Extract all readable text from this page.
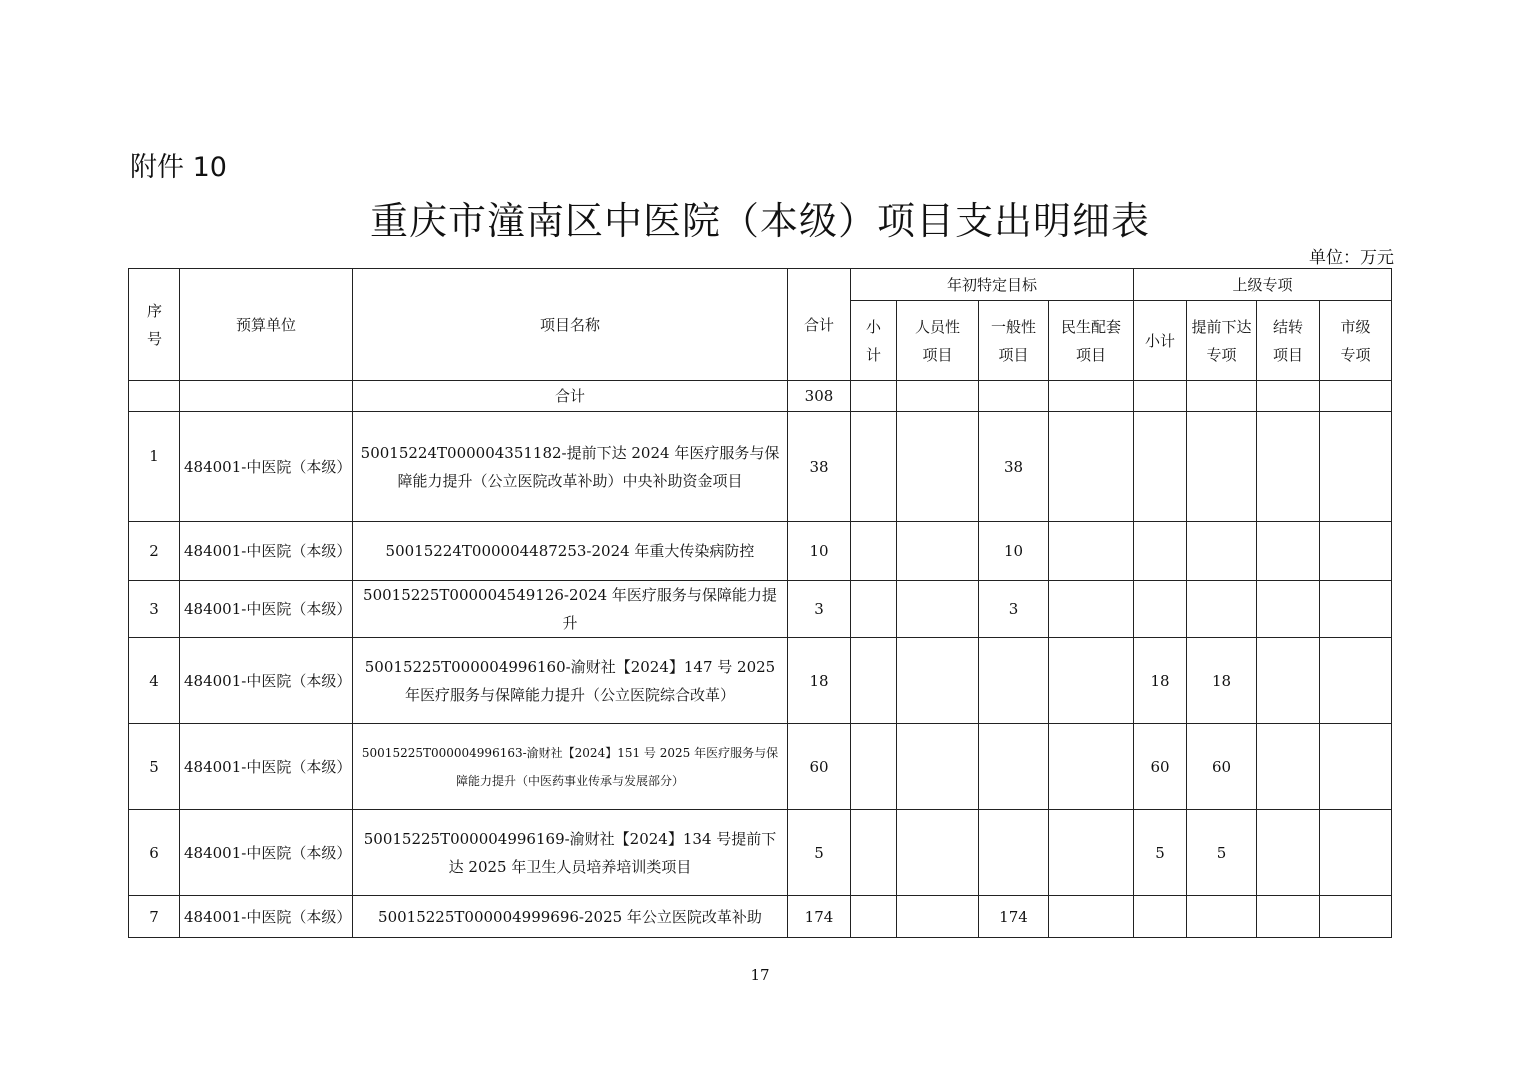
附件 10
重庆市潼南区中医院（本级）项目支出明细表
单位：万元
序号	预算单位	项目名称	合计	年初特定目标				上级专项			
				小计	人员性项目	一般性项目	民生配套项目	小计	提前下达专项	结转项目	市级专项
		合计	308								
1	484001-中医院（本级）	50015224T000004351182-提前下达 2024 年医疗服务与保障能力提升（公立医院改革补助）中央补助资金项目	38			38					
2	484001-中医院（本级）	50015224T000004487253-2024 年重大传染病防控	10			10					
3	484001-中医院（本级）	50015225T000004549126-2024 年医疗服务与保障能力提升	3			3					
4	484001-中医院（本级）	50015225T000004996160-渝财社【2024】147 号 2025 年医疗服务与保障能力提升（公立医院综合改革）	18					18	18		
5	484001-中医院（本级）	50015225T000004996163-渝财社【2024】151 号 2025 年医疗服务与保障能力提升（中医药事业传承与发展部分）	60					60	60		
6	484001-中医院（本级）	50015225T000004996169-渝财社【2024】134 号提前下达 2025 年卫生人员培养培训类项目	5					5	5		
7	484001-中医院（本级）	50015225T000004999696-2025 年公立医院改革补助	174			174					
17
